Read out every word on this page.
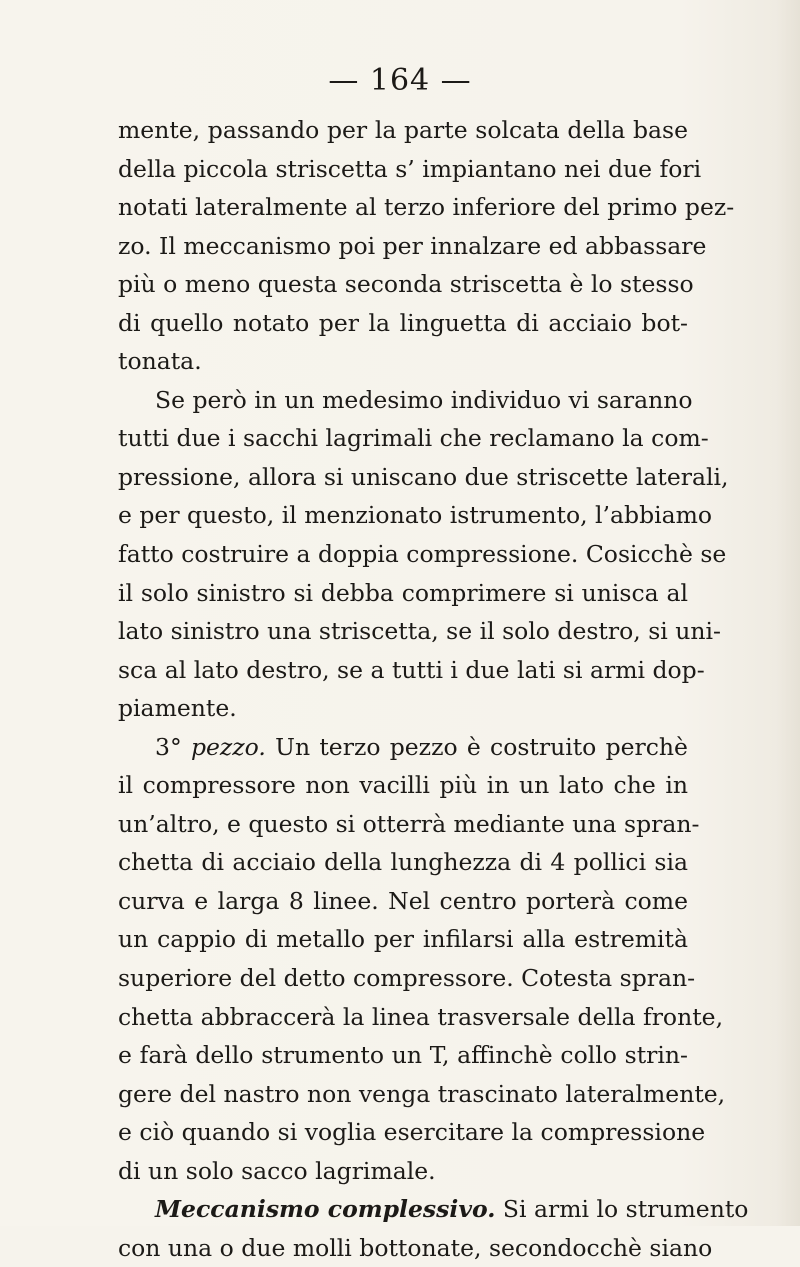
— 164 —
mente, passando per la parte solcata della base
della piccola striscetta s’ impiantano nei due fori
notati lateralmente al terzo inferiore del primo pez-
zo. Il meccanismo poi per innalzare ed abbassare
più o meno questa seconda striscetta è lo stesso
di quello notato per la linguetta di acciaio bot-
tonata.
Se però in un medesimo individuo vi saranno
tutti due i sacchi lagrimali che reclamano la com-
pressione, allora si uniscano due striscette laterali,
e per questo, il menzionato istrumento, l’abbiamo
fatto costruire a doppia compressione. Cosicchè se
il solo sinistro si debba comprimere si unisca al
lato sinistro una striscetta, se il solo destro, si uni-
sca al lato destro, se a tutti i due lati si armi dop-
piamente.
3° pezzo. Un terzo pezzo è costruito perchè
il compressore non vacilli più in un lato che in
un’altro, e questo si otterrà mediante una spran-
chetta di acciaio della lunghezza di 4 pollici sia
curva e larga 8 linee. Nel centro porterà come
un cappio di metallo per infilarsi alla estremità
superiore del detto compressore. Cotesta spran-
chetta abbraccerà la linea trasversale della fronte,
e farà dello strumento un T, affinchè collo strin-
gere del nastro non venga trascinato lateralmente,
e ciò quando si voglia esercitare la compressione
di un solo sacco lagrimale.
Meccanismo complessivo. Si armi lo strumento
con una o due molli bottonate, secondocchè siano
